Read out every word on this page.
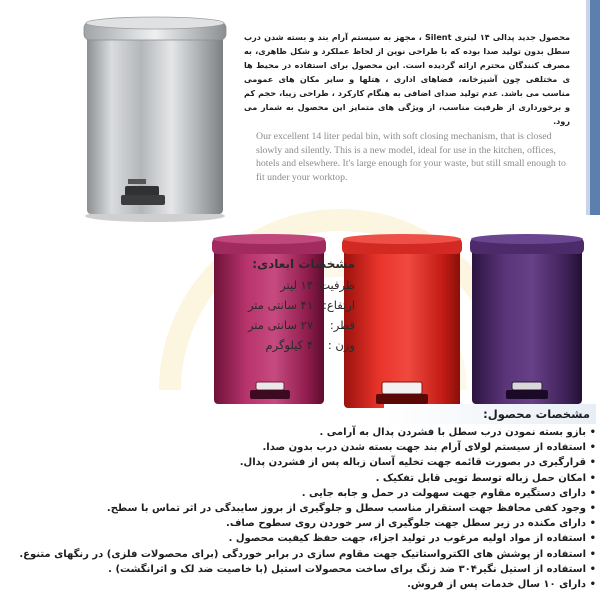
محصول جدید پدالی ۱۴ لیتری Silent ، مجهز به سیستم آرام بند و بسته شدن درب سطل بدون تولید صدا بوده که با طراحی نوین از لحاظ عملکرد و شکل ظاهری، به مصرف کنندگان محترم ارائه گردیده است. این محصول برای استفاده در محیط ها ی مختلفی چون آشپزخانه، فضاهای اداری ، هتلها و سایر مکان های عمومی مناسب می باشد. عدم تولید صدای اضافی به هنگام کارکرد ، طراحی زیبا، حجم کم و برخورداری از ظرفیت مناسب، از ویژگی های متمایز این محصول به شمار می رود.
Our excellent 14 liter pedal bin, with soft closing mechanism, that is closed slowly and silently. This is a new model, ideal for use in the kitchen, offices, hotels and elsewhere. It's large enough for your waste, but still small enough to fit under your worktop.
مشخصات ابعادی:
ظرفیت:
۱۴ لیتر
ارتفاع:
۴۱ سانتی متر
قطر:
۲۷ سانتی متر
وزن :
۴ کیلوگرم
مشخصات محصول:
• بازو بسته نمودن درب سطل با فشردن پدال به آرامی .
• استفاده از سیستم لولای آرام بند جهت بسته شدن درب بدون صدا.
• قرارگیری در بصورت قائمه جهت تخلیه آسان زباله پس از فشردن پدال.
• امکان حمل زباله توسط تویی قابل تفکیک .
• دارای دستگیره مقاوم جهت سهولت در حمل و جابه جایی .
• وجود کفی محافظ جهت استقرار مناسب سطل و جلوگیری از بروز سایبدگی در اثر تماس با سطح.
• دارای مکنده در زیر سطل جهت جلوگیری از سر خوردن روی سطوح صاف.
• استفاده از مواد اولیه مرغوب در تولید اجزاء، جهت حفظ کیفیت محصول .
• استفاده از پوشش های الکترواستاتیک جهت مقاوم سازی در برابر خوردگی (برای محصولات فلزی) در رنگهای متنوع.
• استفاده از استیل نگیر۳۰۴ ضد زنگ برای ساخت محصولات استیل (با خاصیت ضد لک و اثرانگشت) .
• دارای ۱۰ سال خدمات پس از فروش.
